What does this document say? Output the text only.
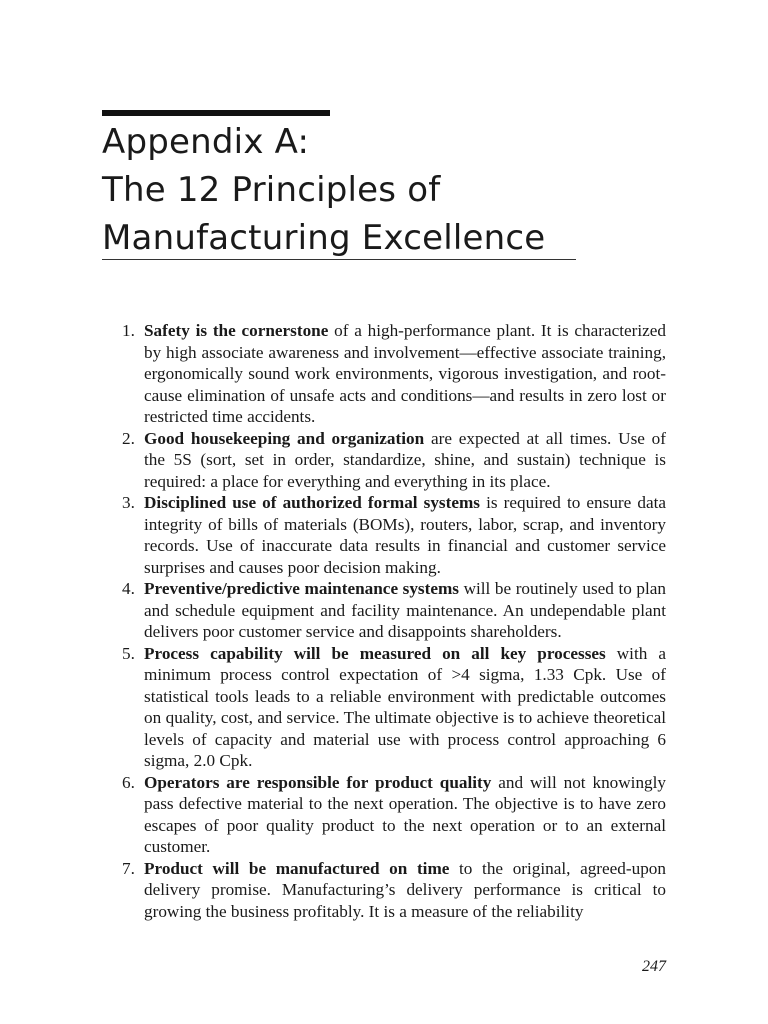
Appendix A:
The 12 Principles of
Manufacturing Excellence
1. Safety is the cornerstone of a high-performance plant. It is characterized by high associate awareness and involvement—effective associate training, ergonomically sound work environments, vigorous investigation, and root-cause elimination of unsafe acts and conditions—and results in zero lost or restricted time accidents.
2. Good housekeeping and organization are expected at all times. Use of the 5S (sort, set in order, standardize, shine, and sustain) technique is required: a place for everything and everything in its place.
3. Disciplined use of authorized formal systems is required to ensure data integrity of bills of materials (BOMs), routers, labor, scrap, and inventory records. Use of inaccurate data results in financial and customer service surprises and causes poor decision making.
4. Preventive/predictive maintenance systems will be routinely used to plan and schedule equipment and facility maintenance. An undependable plant delivers poor customer service and disappoints shareholders.
5. Process capability will be measured on all key processes with a minimum process control expectation of >4 sigma, 1.33 Cpk. Use of statistical tools leads to a reliable environment with predictable outcomes on quality, cost, and service. The ultimate objective is to achieve theoretical levels of capacity and material use with process control approaching 6 sigma, 2.0 Cpk.
6. Operators are responsible for product quality and will not knowingly pass defective material to the next operation. The objective is to have zero escapes of poor quality product to the next operation or to an external customer.
7. Product will be manufactured on time to the original, agreed-upon delivery promise. Manufacturing’s delivery performance is critical to growing the business profitably. It is a measure of the reliability
247
